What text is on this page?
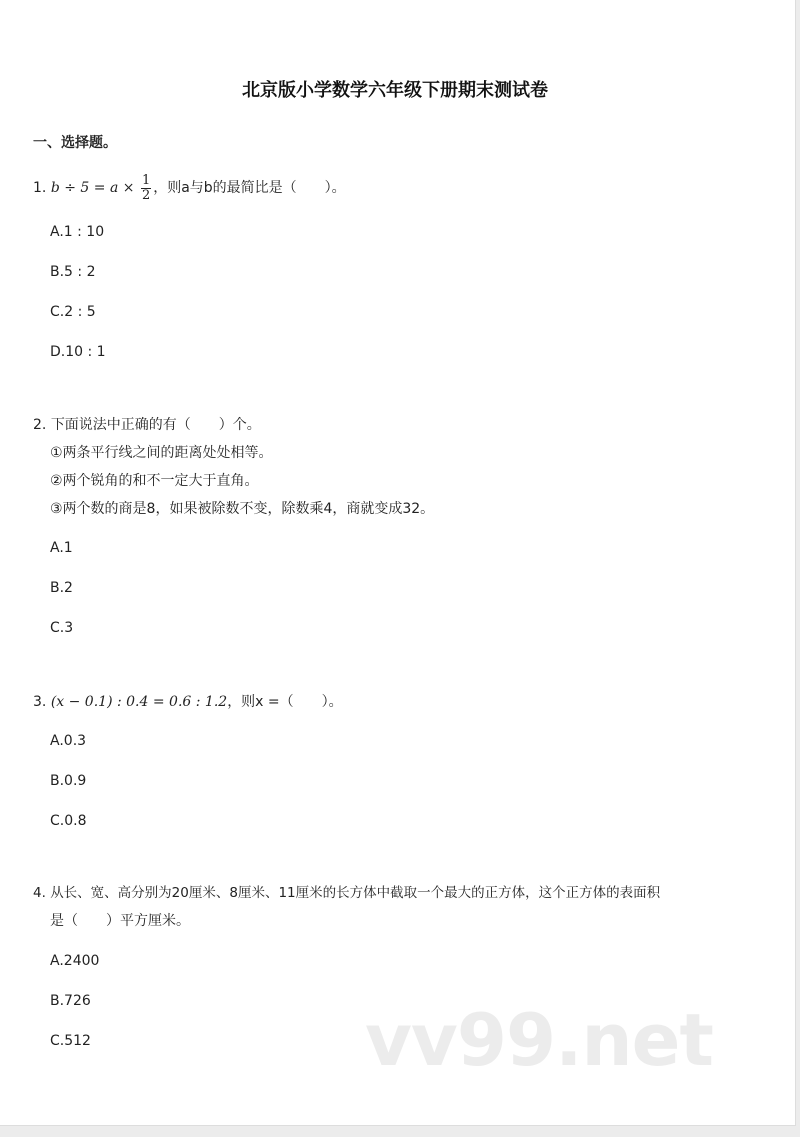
北京版小学数学六年级下册期末测试卷
一、选择题。
1. $b \div 5 = a \times \frac{1}{2}$ ，则a与b的最简比是（　　）。
A.1 : 10
B.5 : 2
C.2 : 5
D.10 : 1
2. 下面说法中正确的有（　　）个。
①两条平行线之间的距离处处相等。
②两个锐角的和不一定大于直角。
③两个数的商是8，如果被除数不变，除数乘4，商就变成32。
A.1
B.2
C.3
3. (x − 0.1) : 0.4 = 0.6 : 1.2，则x =（　　）。
A.0.3
B.0.9
C.0.8
4. 从长、宽、高分别为20厘米、8厘米、11厘米的长方体中截取一个最大的正方体，这个正方体的表面积
是（　　）平方厘米。
A.2400
B.726
C.512	vv99.net
